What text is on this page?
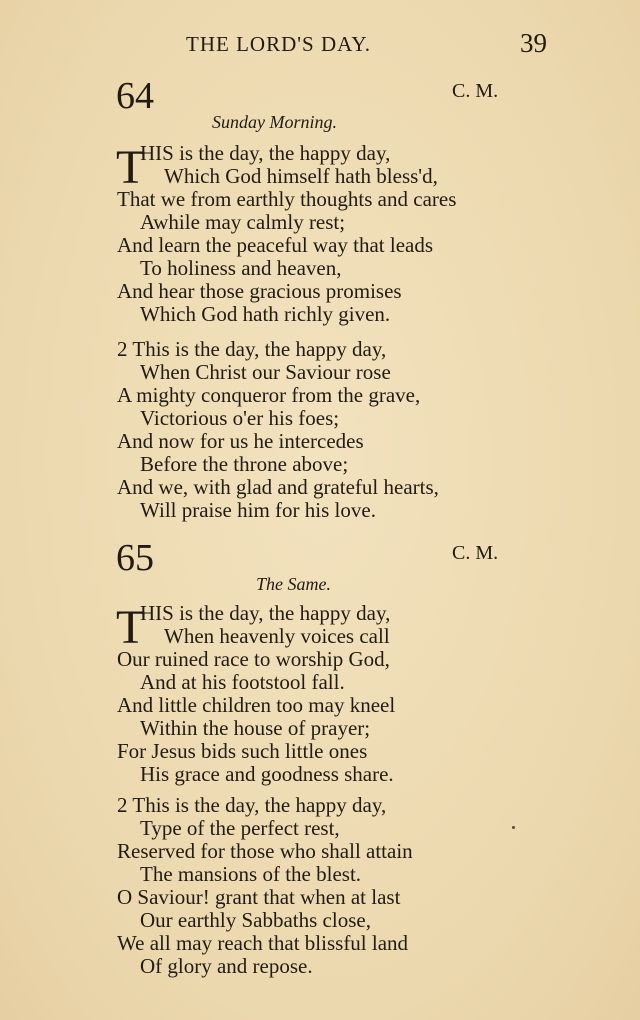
THE LORD'S DAY.	39
64	C. M.
Sunday Morning.
T
HIS is the day, the happy day,
Which God himself hath bless'd,
That we from earthly thoughts and cares
Awhile may calmly rest;
And learn the peaceful way that leads
To holiness and heaven,
And hear those gracious promises
Which God hath richly given.
2 This is the day, the happy day,
When Christ our Saviour rose
A mighty conqueror from the grave,
Victorious o'er his foes;
And now for us he intercedes
Before the throne above;
And we, with glad and grateful hearts,
Will praise him for his love.
65	C. M.
The Same.
T
HIS is the day, the happy day,
When heavenly voices call
Our ruined race to worship God,
And at his footstool fall.
And little children too may kneel
Within the house of prayer;
For Jesus bids such little ones
His grace and goodness share.
2 This is the day, the happy day,
Type of the perfect rest,
Reserved for those who shall attain
The mansions of the blest.
O Saviour! grant that when at last
Our earthly Sabbaths close,
We all may reach that blissful land
Of glory and repose.
